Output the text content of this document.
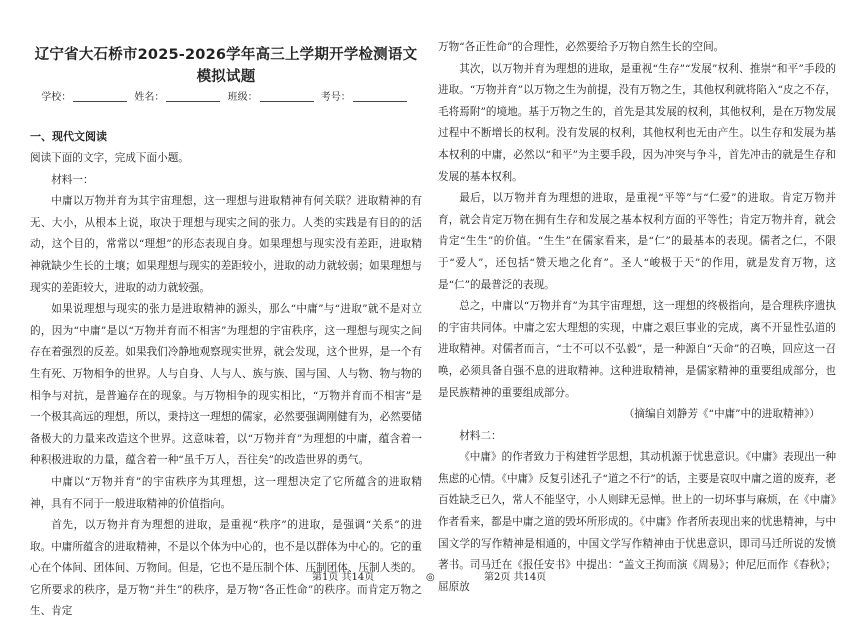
辽宁省大石桥市2025-2026学年高三上学期开学检测语文模拟试题
学校：	姓名：	班级：	考号：
一、现代文阅读

阅读下面的文字，完成下面小题。

材料一：

中庸以万物并育为其宇宙理想，这一理想与进取精神有何关联？进取精神的有无、大小，从根本上说，取决于理想与现实之间的张力。人类的实践是有目的的活动，这个目的，常常以“理想”的形态表现自身。如果理想与现实没有差距，进取精神就缺少生长的土壤；如果理想与现实的差距较小，进取的动力就较弱；如果理想与现实的差距较大，进取的动力就较强。

如果说理想与现实的张力是进取精神的源头，那么“中庸”与“进取”就不是对立的，因为“中庸”是以“万物并育而不相害”为理想的宇宙秩序，这一理想与现实之间存在着强烈的反差。如果我们冷静地观察现实世界，就会发现，这个世界，是一个有生有死、万物相争的世界。人与自身、人与人、族与族、国与国、人与物、物与物的相争与对抗，是普遍存在的现象。与万物相争的现实相比，“万物并育而不相害”是一个极其高远的理想，所以，秉持这一理想的儒家，必然要强调刚健有为，必然要储备极大的力量来改造这个世界。这意味着，以“万物并育”为理想的中庸，蕴含着一种积极进取的力量，蕴含着一种“虽千万人，吾往矣”的改造世界的勇气。

中庸以“万物并育”的宇宙秩序为其理想，这一理想决定了它所蕴含的进取精神，具有不同于一般进取精神的价值指向。

首先，以万物并育为理想的进取，是重视“秩序”的进取，是强调“关系”的进取。中庸所蕴含的进取精神，不是以个体为中心的，也不是以群体为中心的。它的重心在个体间、团体间、万物间。但是，它也不是压制个体、压制团体、压制人类的。它所要求的秩序，是万物“并生”的秩序，是万物“各正性命”的秩序。而肯定万物之生、肯定

万物“各正性命”的合理性，必然要给予万物自然生长的空间。

其次，以万物并育为理想的进取，是重视“生存”“发展”权利、推崇“和平”手段的进取。“万物并育”以万物之生为前提，没有万物之生，其他权利就将陷入“皮之不存，毛将焉附”的境地。基于万物之生的，首先是其发展的权利，其他权利，是在万物发展过程中不断增长的权利。没有发展的权利，其他权利也无由产生。以生存和发展为基本权利的中庸，必然以“和平”为主要手段，因为冲突与争斗，首先冲击的就是生存和发展的基本权利。

最后，以万物并育为理想的进取，是重视“平等”与“仁爱”的进取。肯定万物并育，就会肯定万物在拥有生存和发展之基本权利方面的平等性；肯定万物并育，就会肯定“生生”的价值。“生生”在儒家看来，是“仁”的最基本的表现。儒者之仁，不限于“爱人”，还包括“赞天地之化育”。圣人“峻极于天”的作用，就是发育万物，这是“仁”的最普泛的表现。

总之，中庸以“万物并育”为其宇宙理想，这一理想的终极指向，是合理秩序遗执的宇宙共同体。中庸之宏大理想的实现，中庸之艰巨事业的完成，离不开显性弘道的进取精神。对儒者而言，“士不可以不弘毅”，是一种源自“天命”的召唤，回应这一召唤，必须具备自强不息的进取精神。这种进取精神，是儒家精神的重要组成部分，也是民族精神的重要组成部分。

（摘编自刘静芳《“中庸”中的进取精神》）

材料二：

《中庸》的作者致力于构建哲学思想，其动机源于忧患意识。《中庸》表现出一种焦虑的心情。《中庸》反复引述孔子“道之不行”的话，主要是哀叹中庸之道的废弃，老百姓缺乏已久，常人不能坚守，小人则肆无忌惮。世上的一切坏事与麻烦，在《中庸》作者看来，都是中庸之道的毁坏所形成的。《中庸》作者所表现出来的忧患精神，与中国文学的写作精神是相通的，中国文学写作精神由于忧患意识，即司马迁所说的发愤著书。司马迁在《报任安书》中提出：“盖文王拘而演《周易》；仲尼厄而作《春秋》；屈原放

第1页 共14页	◎	第2页 共14页
